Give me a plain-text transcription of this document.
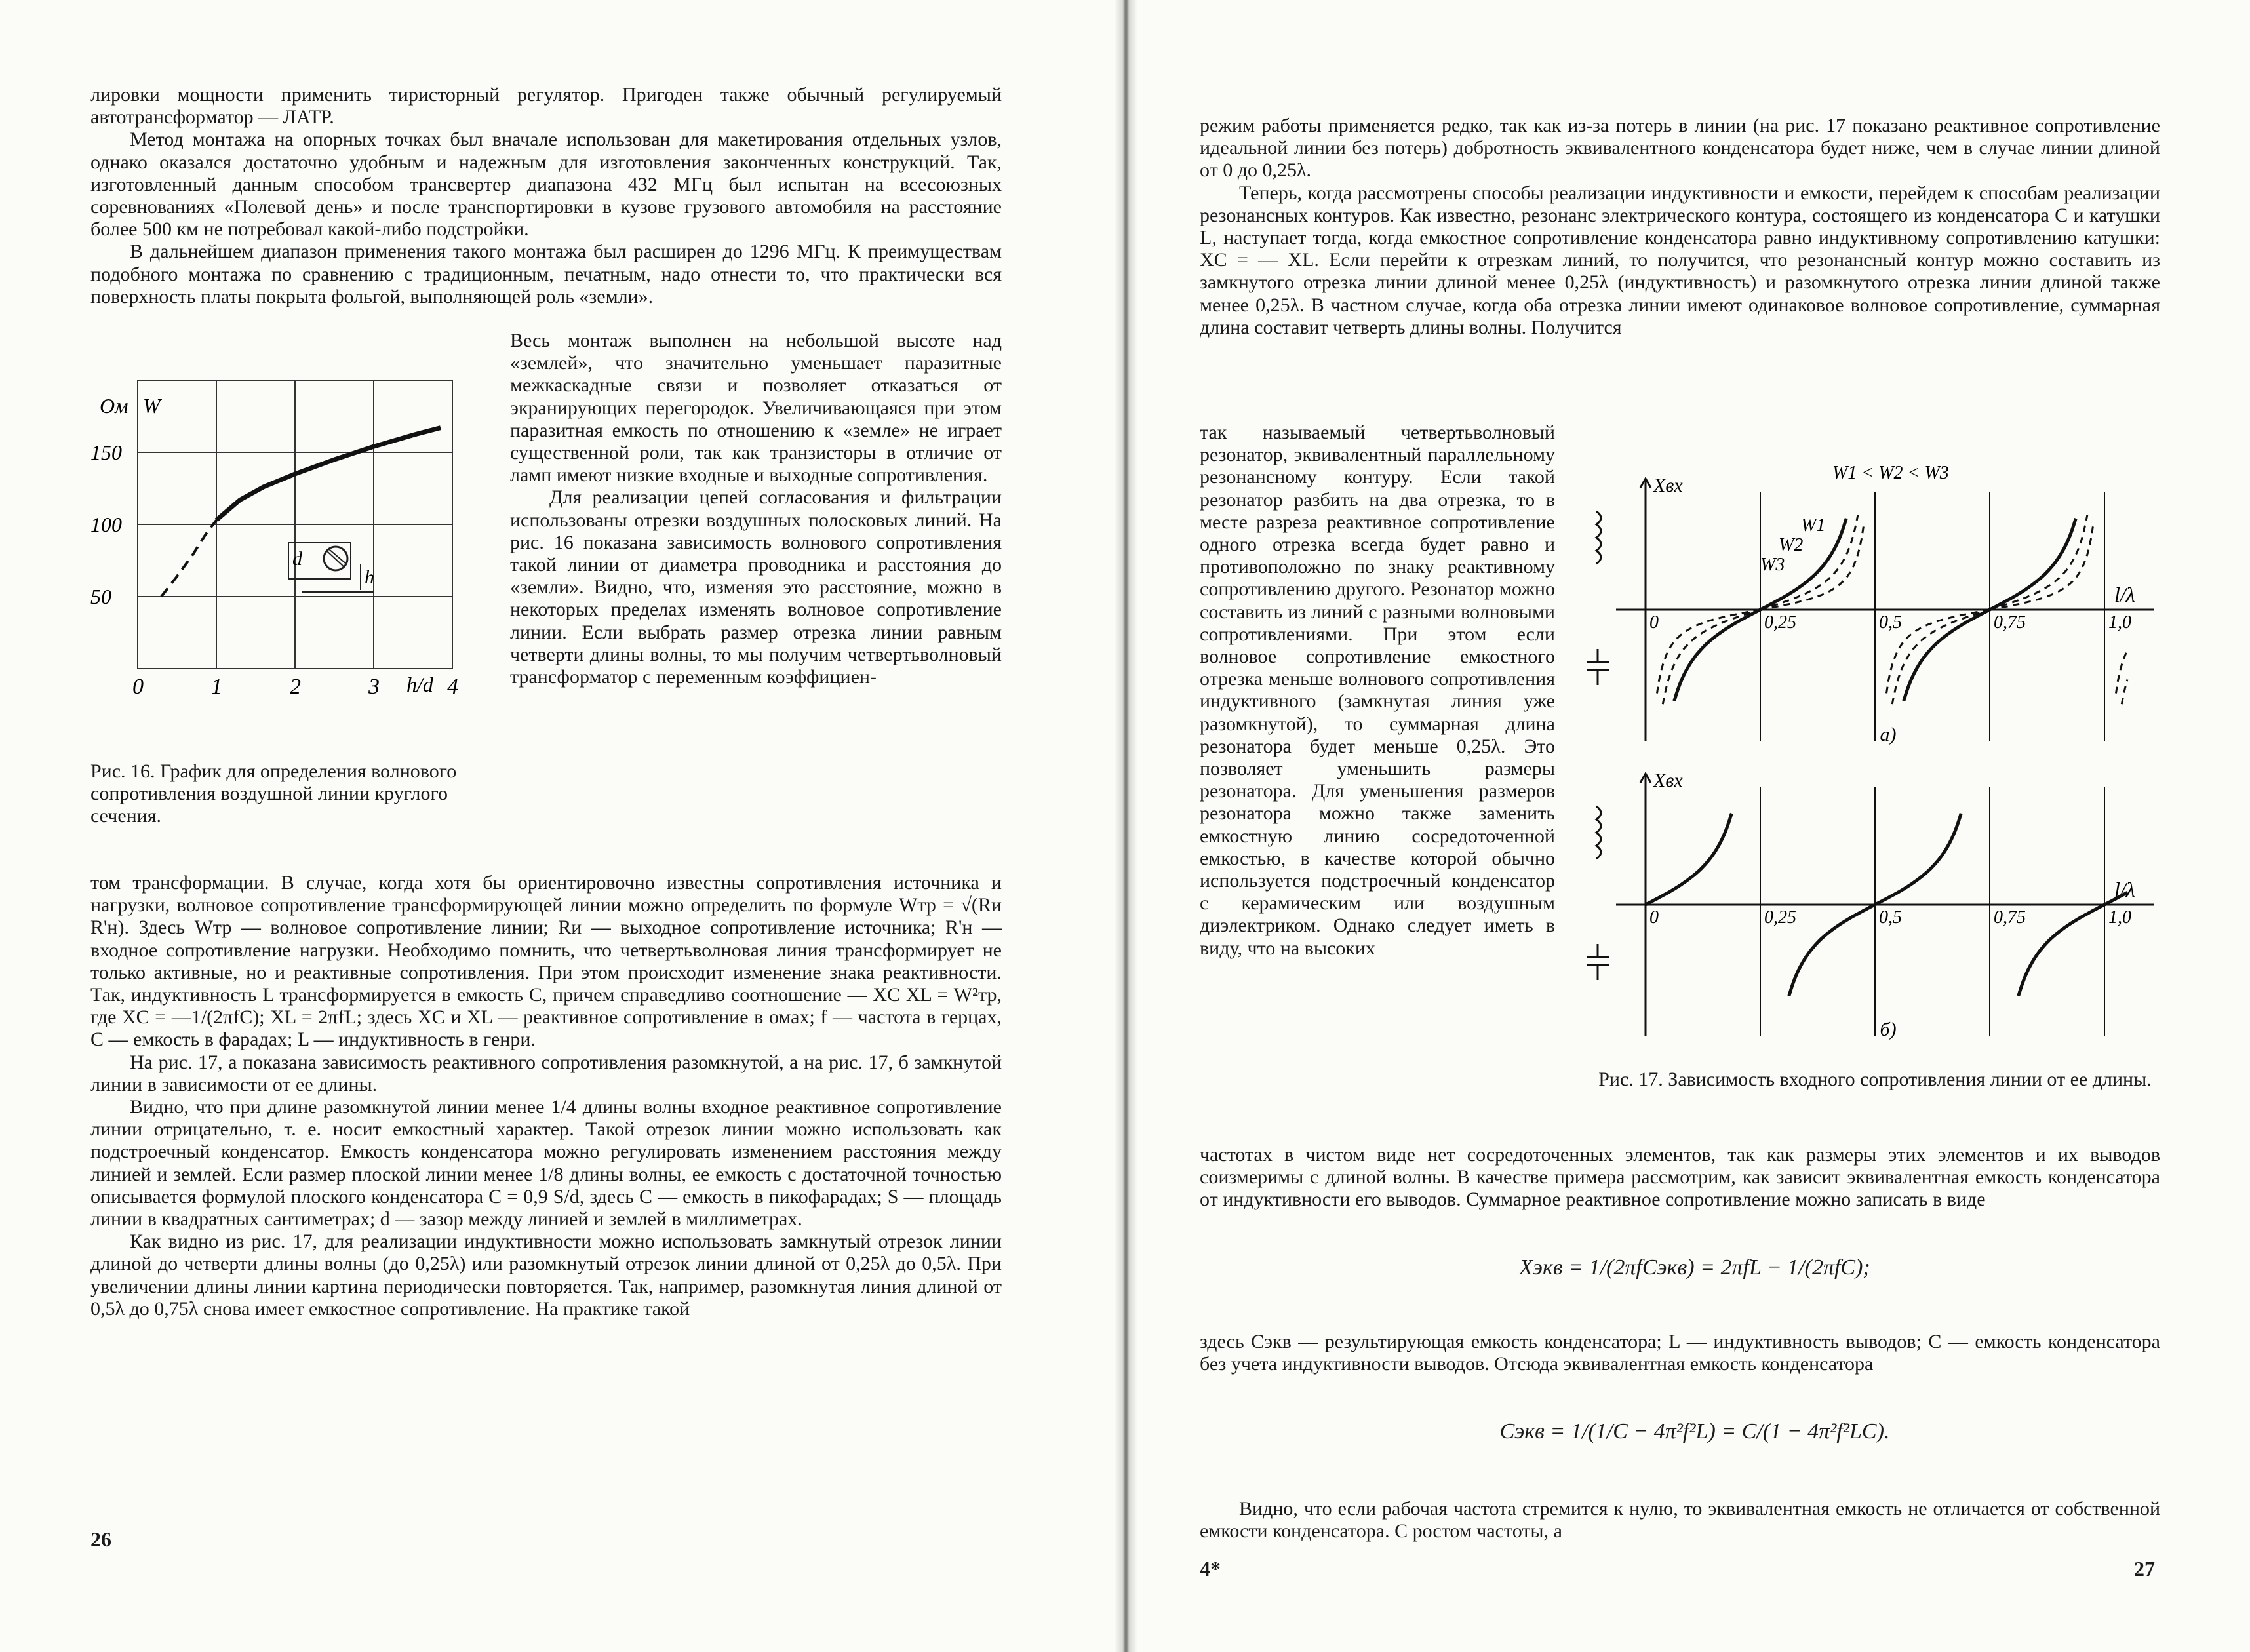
лировки мощности применить тиристорный регулятор. Пригоден также обычный регулируемый автотрансформатор — ЛАТР.

Метод монтажа на опорных точках был вначале использован для макетирования отдельных узлов, однако оказался достаточно удобным и надежным для изготовления законченных конструкций. Так, изготовленный данным способом трансвертер диапазона 432 МГц был испытан на всесоюзных соревнованиях «Полевой день» и после транспортировки в кузове грузового автомобиля на расстояние более 500 км не потребовал какой-либо подстройки.

В дальнейшем диапазон применения такого монтажа был расширен до 1296 МГц. К преимуществам подобного монтажа по сравнению с традиционным, печатным, надо отнести то, что практически вся поверхность платы покрыта фольгой, выполняющей роль «земли».

0	1	2	3	4
50
100
150
d
h
Ом W
h/d
Рис. 16. График для определения волнового сопротивления воздушной линии круглого сечения.

Весь монтаж выполнен на небольшой высоте над «землей», что значительно уменьшает паразитные межкаскадные связи и позволяет отказаться от экранирующих перегородок. Увеличивающаяся при этом паразитная емкость по отношению к «земле» не играет существенной роли, так как транзисторы в отличие от ламп имеют низкие входные и выходные сопротивления.

Для реализации цепей согласования и фильтрации использованы отрезки воздушных полосковых линий. На рис. 16 показана зависимость волнового сопротивления такой линии от диаметра проводника и расстояния до «земли». Видно, что, изменяя это расстояние, можно в некоторых пределах изменять волновое сопротивление линии. Если выбрать размер отрезка линии равным четверти длины волны, то мы получим четвертьволновый трансформатор с переменным коэффициен-

том трансформации. В случае, когда хотя бы ориентировочно известны сопротивления источника и нагрузки, волновое сопротивление трансформирующей линии можно определить по формуле Wтр = √(Rи R'н). Здесь Wтр — волновое сопротивление линии; Rи — выходное сопротивление источника; R'н — входное сопротивление нагрузки. Необходимо помнить, что четвертьволновая линия трансформирует не только активные, но и реактивные сопротивления. При этом происходит изменение знака реактивности. Так, индуктивность L трансформируется в емкость C, причем справедливо соотношение — XC XL = W²тр, где XC = —1/(2πfC); XL = 2πfL; здесь XC и XL — реактивное сопротивление в омах; f — частота в герцах, C — емкость в фарадах; L — индуктивность в генри.

На рис. 17, а показана зависимость реактивного сопротивления разомкнутой, а на рис. 17, б замкнутой линии в зависимости от ее длины.

Видно, что при длине разомкнутой линии менее 1/4 длины волны входное реактивное сопротивление линии отрицательно, т. е. носит емкостный характер. Такой отрезок линии можно использовать как подстроечный конденсатор. Емкость конденсатора можно регулировать изменением расстояния между линией и землей. Если размер плоской линии менее 1/8 длины волны, ее емкость с достаточной точностью описывается формулой плоского конденсатора C = 0,9 S/d, здесь C — емкость в пикофарадах; S — площадь линии в квадратных сантиметрах; d — зазор между линией и землей в миллиметрах.

Как видно из рис. 17, для реализации индуктивности можно использовать замкнутый отрезок линии длиной до четверти длины волны (до 0,25λ) или разомкнутый отрезок линии длиной от 0,25λ до 0,5λ. При увеличении длины линии картина периодически повторяется. Так, например, разомкнутая линия длиной от 0,5λ до 0,75λ снова имеет емкостное сопротивление. На практике такой

26

режим работы применяется редко, так как из-за потерь в линии (на рис. 17 показано реактивное сопротивление идеальной линии без потерь) добротность эквивалентного конденсатора будет ниже, чем в случае линии длиной от 0 до 0,25λ.

Теперь, когда рассмотрены способы реализации индуктивности и емкости, перейдем к способам реализации резонансных контуров. Как известно, резонанс электрического контура, состоящего из конденсатора C и катушки L, наступает тогда, когда емкостное сопротивление конденсатора равно индуктивному сопротивлению катушки: XC = — XL. Если перейти к отрезкам линий, то получится, что резонансный контур можно составить из замкнутого отрезка линии длиной менее 0,25λ (индуктивность) и разомкнутого отрезка линии длиной также менее 0,25λ. В частном случае, когда оба отрезка линии имеют одинаковое волновое сопротивление, суммарная длина составит четверть длины волны. Получится

так называемый четвертьволновый резонатор, эквивалентный параллельному резонансному контуру. Если такой резонатор разбить на два отрезка, то в месте разреза реактивное сопротивление одного отрезка всегда будет равно и противоположно по знаку реактивному сопротивлению другого. Резонатор можно составить из линий с разными волновыми сопротивлениями. При этом если волновое сопротивление емкостного отрезка меньше волнового сопротивления индуктивного (замкнутая линия уже разомкнутой), то суммарная длина резонатора будет меньше 0,25λ. Это позволяет уменьшить размеры резонатора. Для уменьшения размеров резонатора можно также заменить емкостную линию сосредоточенной емкостью, в качестве которой обычно используется подстроечный конденсатор с керамическим или воздушным диэлектриком. Однако следует иметь в виду, что на высоких

Xвх
l/λ
0	0,25	0,5	0,75	1,0
W1
W2
W3
а)
Xвх
l/λ
0	0,25	0,5	0,75	1,0
б)
W1 < W2 < W3
Рис. 17. Зависимость входного сопротивления линии от ее длины.

частотах в чистом виде нет сосредоточенных элементов, так как размеры этих элементов и их выводов соизмеримы с длиной волны. В качестве примера рассмотрим, как зависит эквивалентная емкость конденсатора от индуктивности его выводов. Суммарное реактивное сопротивление можно записать в виде

Xэкв = 1/(2πfCэкв) = 2πfL − 1/(2πfC);

здесь Cэкв — результирующая емкость конденсатора; L — индуктивность выводов; C — емкость конденсатора без учета индуктивности выводов. Отсюда эквивалентная емкость конденсатора

Cэкв = 1/(1/C − 4π²f²L) = C/(1 − 4π²f²LC).

Видно, что если рабочая частота стремится к нулю, то эквивалентная емкость не отличается от собственной емкости конденсатора. С ростом частоты, а

4*	27
